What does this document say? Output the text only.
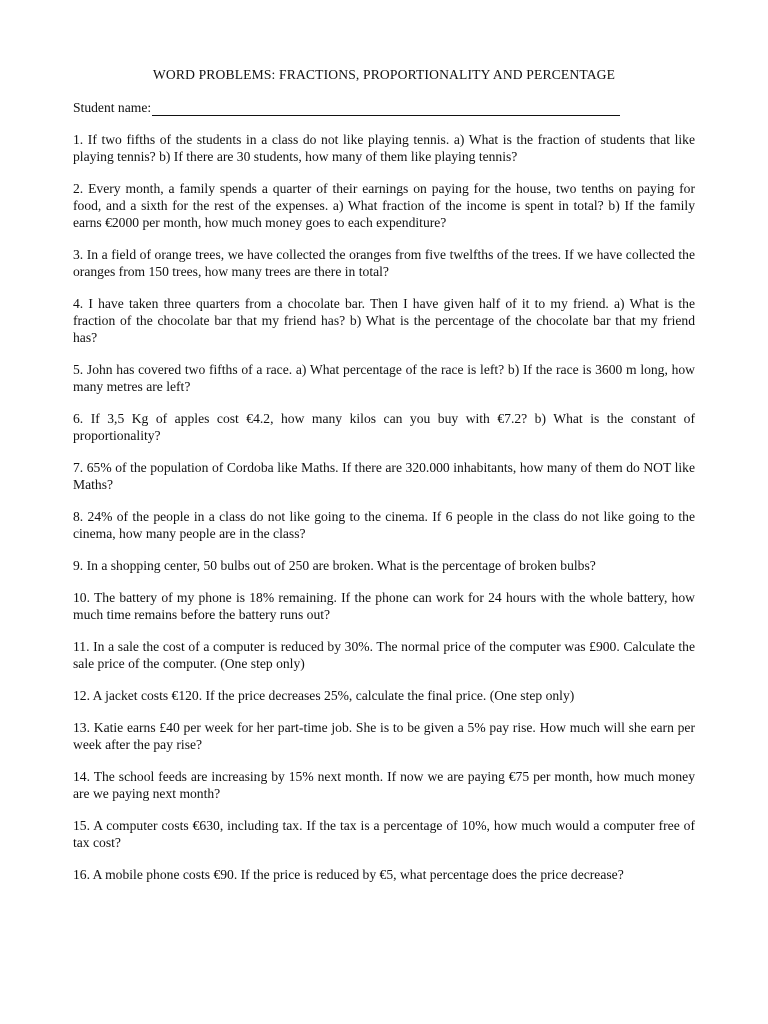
WORD PROBLEMS: FRACTIONS, PROPORTIONALITY AND PERCENTAGE
Student name:

1. If two fifths of the students in a class do not like playing tennis. a) What is the fraction of students that like playing tennis? b) If there are 30 students, how many of them like playing tennis?

2. Every month, a family spends a quarter of their earnings on paying for the house, two tenths on paying for food, and a sixth for the rest of the expenses. a) What fraction of the income is spent in total? b) If the family earns €2000 per month, how much money goes to each expenditure?

3. In a field of orange trees, we have collected the oranges from five twelfths of the trees. If we have collected the oranges from 150 trees, how many trees are there in total?

4. I have taken three quarters from a chocolate bar. Then I have given half of it to my friend. a) What is the fraction of the chocolate bar that my friend has? b) What is the percentage of the chocolate bar that my friend has?

5. John has covered two fifths of a race. a) What percentage of the race is left? b) If the race is 3600 m long, how many metres are left?

6. If 3,5 Kg of apples cost €4.2, how many kilos can you buy with €7.2? b) What is the constant of proportionality?

7. 65% of the population of Cordoba like Maths. If there are 320.000 inhabitants, how many of them do NOT like Maths?

8. 24% of the people in a class do not like going to the cinema. If 6 people in the class do not like going to the cinema, how many people are in the class?

9. In a shopping center, 50 bulbs out of 250 are broken. What is the percentage of broken bulbs?

10. The battery of my phone is 18% remaining. If the phone can work for 24 hours with the whole battery, how much time remains before the battery runs out?

11. In a sale the cost of a computer is reduced by 30%. The normal price of the computer was £900. Calculate the sale price of the computer. (One step only)

12. A jacket costs €120. If the price decreases 25%, calculate the final price. (One step only)

13. Katie earns £40 per week for her part-time job. She is to be given a 5% pay rise. How much will she earn per week after the pay rise?

14. The school feeds are increasing by 15% next month. If now we are paying €75 per month, how much money are we paying next month?

15. A computer costs €630, including tax. If the tax is a percentage of 10%, how much would a computer free of tax cost?

16. A mobile phone costs €90. If the price is reduced by €5, what percentage does the price decrease?
